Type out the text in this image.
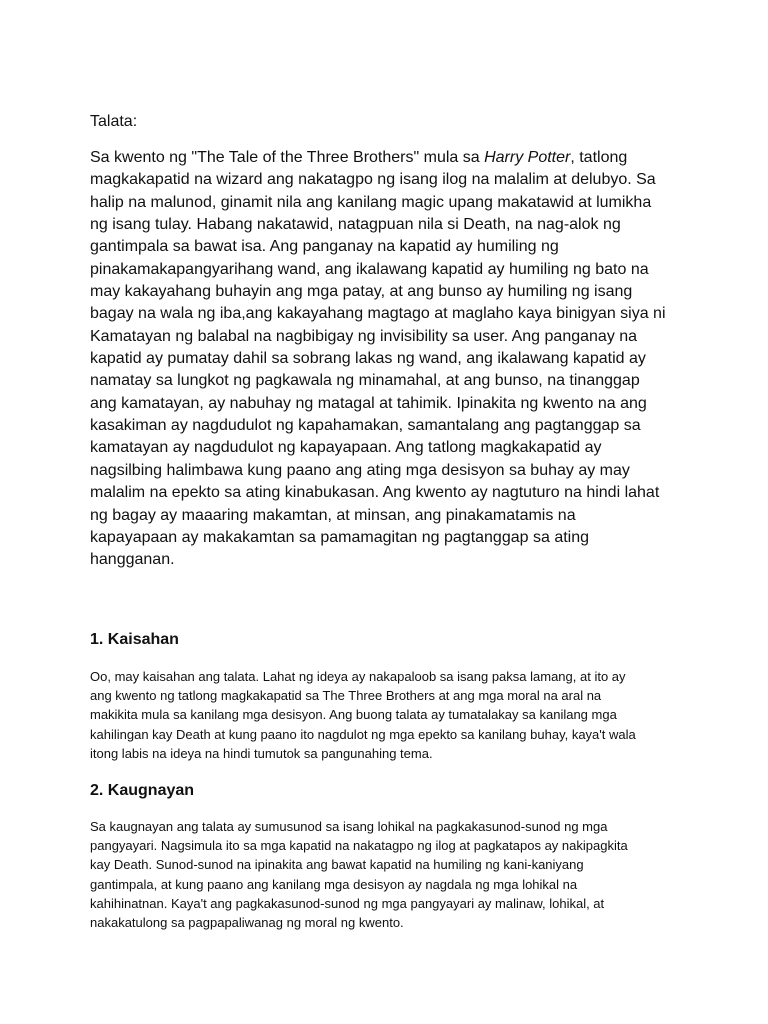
Talata:

Sa kwento ng "The Tale of the Three Brothers" mula sa Harry Potter, tatlong
magkakapatid na wizard ang nakatagpo ng isang ilog na malalim at delubyo. Sa
halip na malunod, ginamit nila ang kanilang magic upang makatawid at lumikha
ng isang tulay. Habang nakatawid, natagpuan nila si Death, na nag-alok ng
gantimpala sa bawat isa. Ang panganay na kapatid ay humiling ng
pinakamakapangyarihang wand, ang ikalawang kapatid ay humiling ng bato na
may kakayahang buhayin ang mga patay, at ang bunso ay humiling ng isang
bagay na wala ng iba,ang kakayahang magtago at maglaho kaya binigyan siya ni
Kamatayan ng balabal na nagbibigay ng invisibility sa user. Ang panganay na
kapatid ay pumatay dahil sa sobrang lakas ng wand, ang ikalawang kapatid ay
namatay sa lungkot ng pagkawala ng minamahal, at ang bunso, na tinanggap
ang kamatayan, ay nabuhay ng matagal at tahimik. Ipinakita ng kwento na ang
kasakiman ay nagdudulot ng kapahamakan, samantalang ang pagtanggap sa
kamatayan ay nagdudulot ng kapayapaan. Ang tatlong magkakapatid ay
nagsilbing halimbawa kung paano ang ating mga desisyon sa buhay ay may
malalim na epekto sa ating kinabukasan. Ang kwento ay nagtuturo na hindi lahat
ng bagay ay maaaring makamtan, at minsan, ang pinakamatamis na
kapayapaan ay makakamtan sa pamamagitan ng pagtanggap sa ating
hangganan.
1. Kaisahan
Oo, may kaisahan ang talata. Lahat ng ideya ay nakapaloob sa isang paksa lamang, at ito ay
ang kwento ng tatlong magkakapatid sa The Three Brothers at ang mga moral na aral na
makikita mula sa kanilang mga desisyon. Ang buong talata ay tumatalakay sa kanilang mga
kahilingan kay Death at kung paano ito nagdulot ng mga epekto sa kanilang buhay, kaya't wala
itong labis na ideya na hindi tumutok sa pangunahing tema.
2. Kaugnayan
Sa kaugnayan ang talata ay sumusunod sa isang lohikal na pagkakasunod-sunod ng mga
pangyayari. Nagsimula ito sa mga kapatid na nakatagpo ng ilog at pagkatapos ay nakipagkita
kay Death. Sunod-sunod na ipinakita ang bawat kapatid na humiling ng kani-kaniyang
gantimpala, at kung paano ang kanilang mga desisyon ay nagdala ng mga lohikal na
kahihinatnan. Kaya't ang pagkakasunod-sunod ng mga pangyayari ay malinaw, lohikal, at
nakakatulong sa pagpapaliwanag ng moral ng kwento.
